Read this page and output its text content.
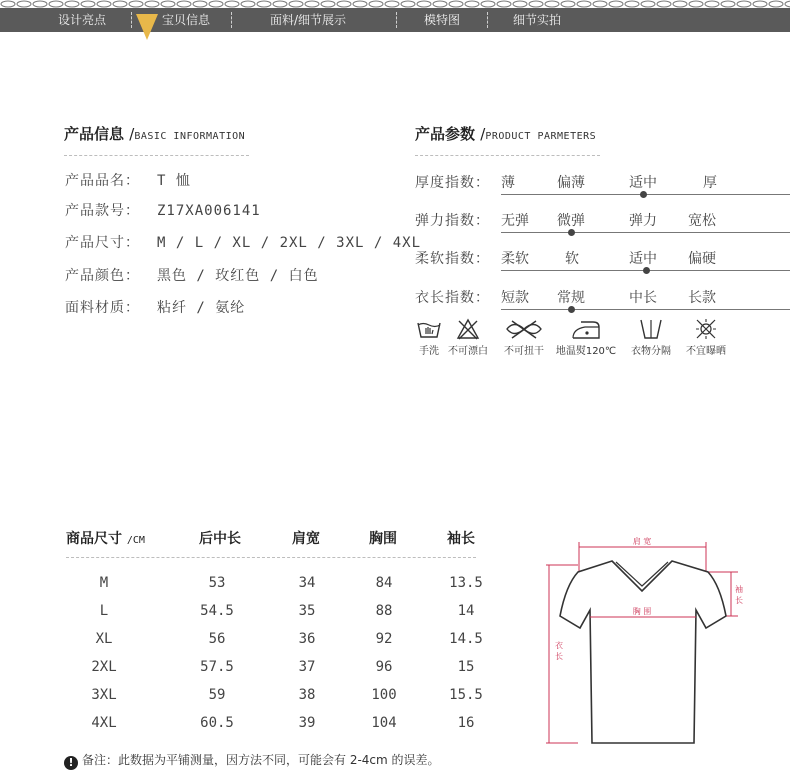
设计亮点	宝贝信息	面料/细节展示	模特图	细节实拍
产品信息 /BASIC INFORMATION
产品品名： T 恤
产品款号： Z17XA006141
产品尺寸： M / L / XL / 2XL / 3XL / 4XL
产品颜色： 黑色 / 玫红色 / 白色
面料材质： 粘纤 / 氨纶
产品参数 /PRODUCT PARMETERS
厚度指数： 薄	偏薄	适中	厚
弹力指数： 无弹 微弹	弹力 宽松
柔软指数： 柔软	软	适中 偏硬
衣长指数： 短款 常规	中长 长款
手洗 不可漂白	不可扭干	地温熨120℃	衣物分隔	不宜曝晒
商品尺寸 /CM	后中长	肩宽	胸围	袖长
M	53	34	84	13.5
L	54.5	35	88	14
XL	56	36	92	14.5
2XL	57.5	37	96	15
3XL	59	38	100	15.5
4XL	60.5	39	104	16
! 备注：此数据为平铺测量，因方法不同，可能会有 2-4cm 的误差。
肩 宽
衣 长
袖长
胸 围
